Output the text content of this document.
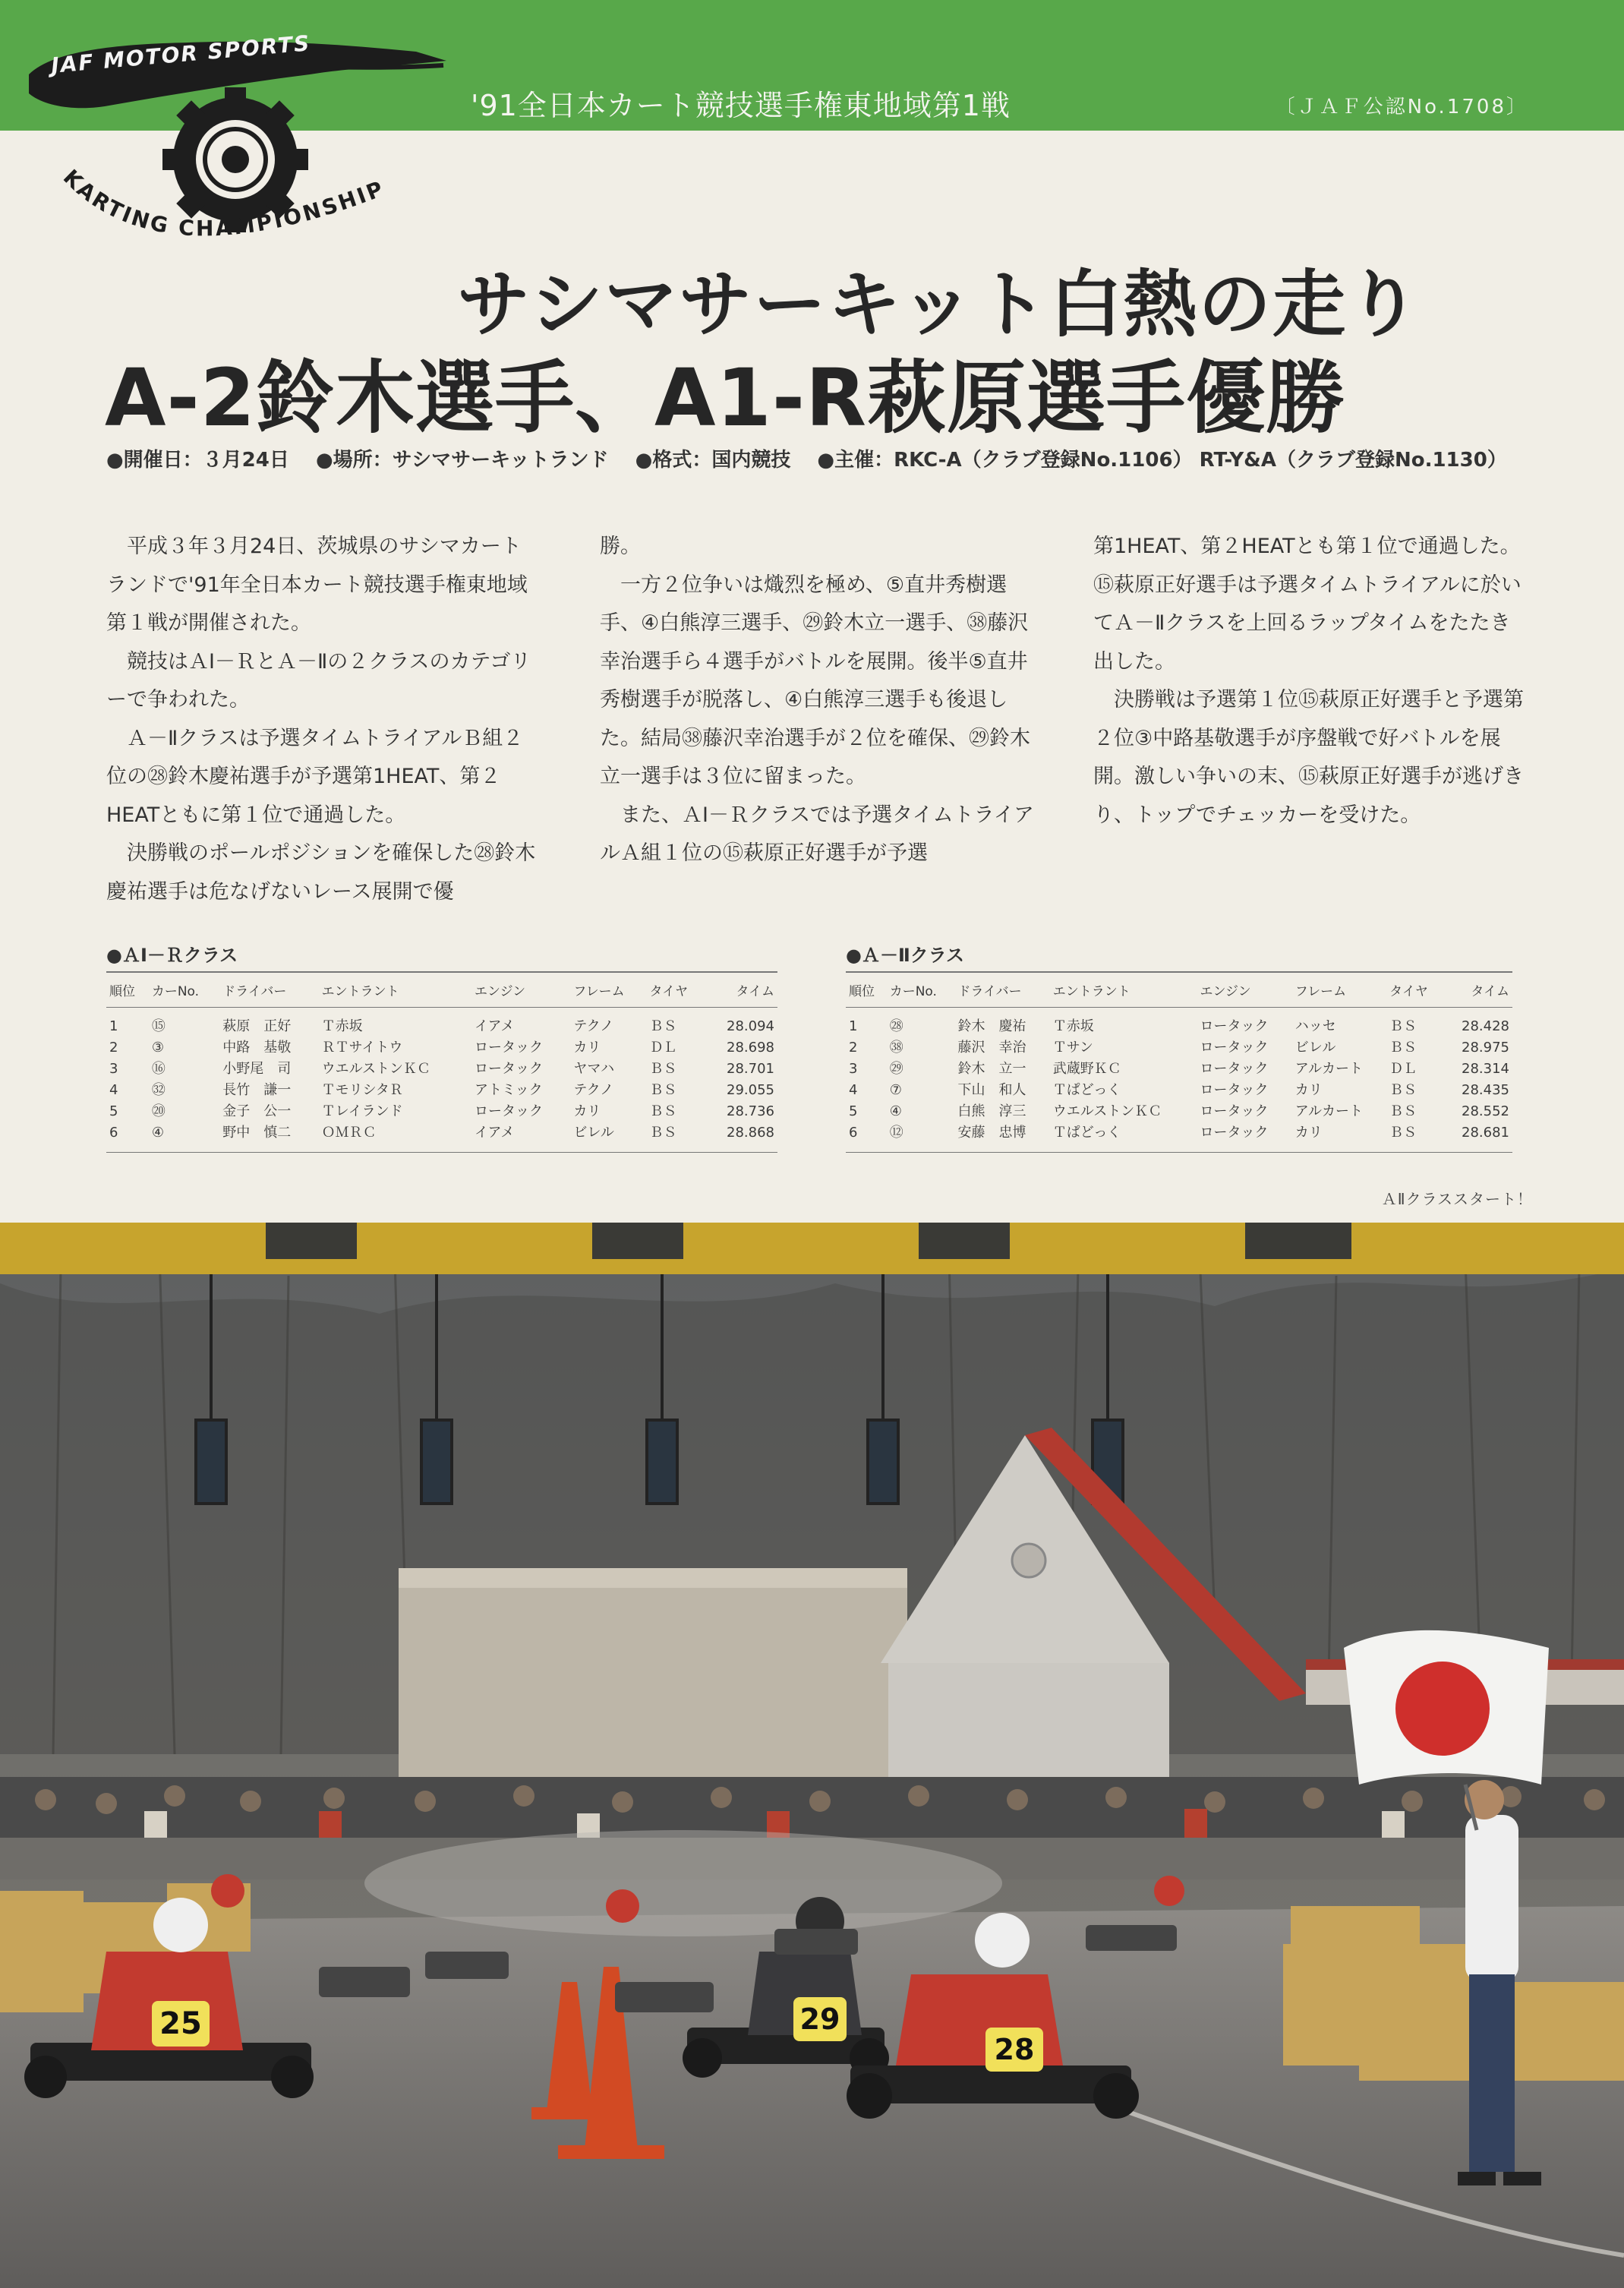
JAF MOTOR SPORTS
'91全日本カート競技選手権東地域第1戦	〔ＪＡＦ公認No.1708〕
KARTING CHAMPIONSHIP
サシマサーキット白熱の走り
A-2鈴木選手、A1-R萩原選手優勝
●開催日：３月24日 ●場所：サシマサーキットランド ●格式：国内競技 ●主催：RKC-A（クラブ登録No.1106） RT-Y&A（クラブ登録No.1130）

平成３年３月24日、茨城県のサシマカートランドで'91年全日本カート競技選手権東地域第１戦が開催された。

競技はＡⅠ－ＲとＡ－Ⅱの２クラスのカテゴリーで争われた。

Ａ－Ⅱクラスは予選タイムトライアルＢ組２位の㉘鈴木慶祐選手が予選第1HEAT、第２HEATともに第１位で通過した。

決勝戦のポールポジションを確保した㉘鈴木慶祐選手は危なげないレース展開で優

勝。

一方２位争いは熾烈を極め、⑤直井秀樹選手、④白熊淳三選手、㉙鈴木立一選手、㊳藤沢幸治選手ら４選手がバトルを展開。後半⑤直井秀樹選手が脱落し、④白熊淳三選手も後退した。結局㊳藤沢幸治選手が２位を確保、㉙鈴木立一選手は３位に留まった。

また、ＡⅠ－Ｒクラスでは予選タイムトライアルＡ組１位の⑮萩原正好選手が予選

第1HEAT、第２HEATとも第１位で通過した。⑮萩原正好選手は予選タイムトライアルに於いてＡ－Ⅱクラスを上回るラップタイムをたたき出した。

決勝戦は予選第１位⑮萩原正好選手と予選第２位③中路基敬選手が序盤戦で好バトルを展開。激しい争いの末、⑮萩原正好選手が逃げきり、トップでチェッカーを受けた。

●ＡⅠ－Ｒクラス
順位	カーNo.	ドライバー	エントラント	エンジン	フレーム	タイヤ	タイム
1	⑮	萩原　正好	Ｔ赤坂	イアメ	テクノ	ＢＳ	28.094
2	③	中路　基敬	ＲＴサイトウ	ロータック	カリ	ＤＬ	28.698
3	⑯	小野尾　司	ウエルストンＫＣ	ロータック	ヤマハ	ＢＳ	28.701
4	㉜	長竹　謙一	ＴモリシタＲ	アトミック	テクノ	ＢＳ	29.055
5	⑳	金子　公一	Ｔレイランド	ロータック	カリ	ＢＳ	28.736
6	④	野中　慎二	ＯＭＲＣ	イアメ	ビレル	ＢＳ	28.868
●Ａ－Ⅱクラス
順位	カーNo.	ドライバー	エントラント	エンジン	フレーム	タイヤ	タイム
1	㉘	鈴木　慶祐	Ｔ赤坂	ロータック	ハッセ	ＢＳ	28.428
2	㊳	藤沢　幸治	Ｔサン	ロータック	ビレル	ＢＳ	28.975
3	㉙	鈴木　立一	武蔵野ＫＣ	ロータック	アルカート	ＤＬ	28.314
4	⑦	下山　和人	Ｔぱどっく	ロータック	カリ	ＢＳ	28.435
5	④	白熊　淳三	ウエルストンＫＣ	ロータック	アルカート	ＢＳ	28.552
6	⑫	安藤　忠博	Ｔぱどっく	ロータック	カリ	ＢＳ	28.681
ＡⅡクラススタート！
25	29
28
